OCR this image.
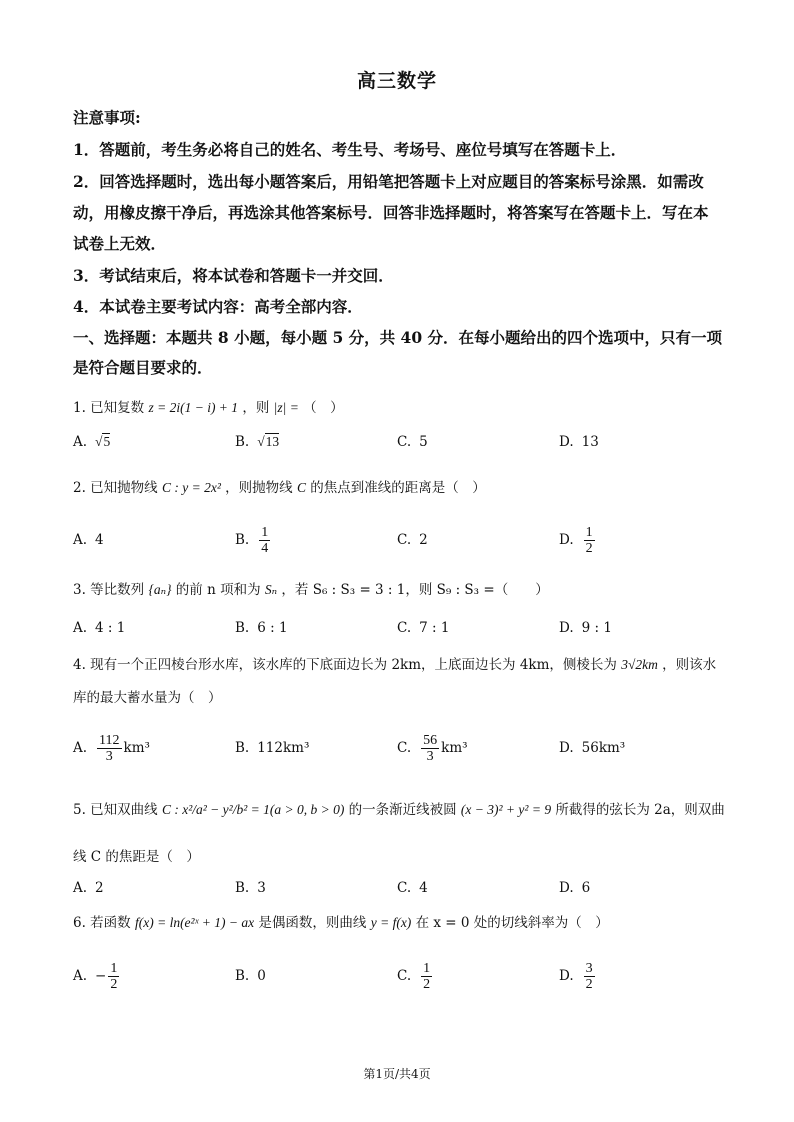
高三数学
注意事项:
1．答题前，考生务必将自己的姓名、考生号、考场号、座位号填写在答题卡上．
2．回答选择题时，选出每小题答案后，用铅笔把答题卡上对应题目的答案标号涂黑．如需改
动，用橡皮擦干净后，再选涂其他答案标号．回答非选择题时，将答案写在答题卡上．写在本
试卷上无效．
3．考试结束后，将本试卷和答题卡一并交回．
4．本试卷主要考试内容：高考全部内容．
一、选择题：本题共 8 小题，每小题 5 分，共 40 分．在每小题给出的四个选项中，只有一项
是符合题目要求的．
1. 已知复数 z = 2i(1 − i) + 1 ，则 |z| = （　）
A. √5	B. √13	C. 5	D. 13
2. 已知抛物线 C : y = 2x² ，则抛物线 C 的焦点到准线的距离是（　）
A. 4	B. $\frac{1}{4}$	C. 2	D. $\frac{1}{2}$
3. 等比数列 {aₙ} 的前 n 项和为 Sₙ ，若 S₆ : S₃ = 3 : 1，则 S₉ : S₃ =（　　）
A. 4 : 1	B. 6 : 1	C. 7 : 1	D. 9 : 1
4. 现有一个正四棱台形水库，该水库的下底面边长为 2km，上底面边长为 4km，侧棱长为 3√2km ，则该水
库的最大蓄水量为（　）
A. $\frac{112}{3} km^3$	B. 112km³	C. $\frac{56}{3} km^3$	D. 56km³
5. 已知双曲线 C : x²/a² − y²/b² = 1(a > 0, b > 0) 的一条渐近线被圆 (x − 3)² + y² = 9 所截得的弦长为 2a，则双曲
线 C 的焦距是（　）
A. 2	B. 3	C. 4	D. 6
6. 若函数 f(x) = ln(e²ˣ + 1) − ax 是偶函数，则曲线 y = f(x) 在 x = 0 处的切线斜率为（　）
A. − $\frac{1}{2}$	B. 0	C. $\frac{1}{2}$	D. $\frac{3}{2}$
第1页/共4页
